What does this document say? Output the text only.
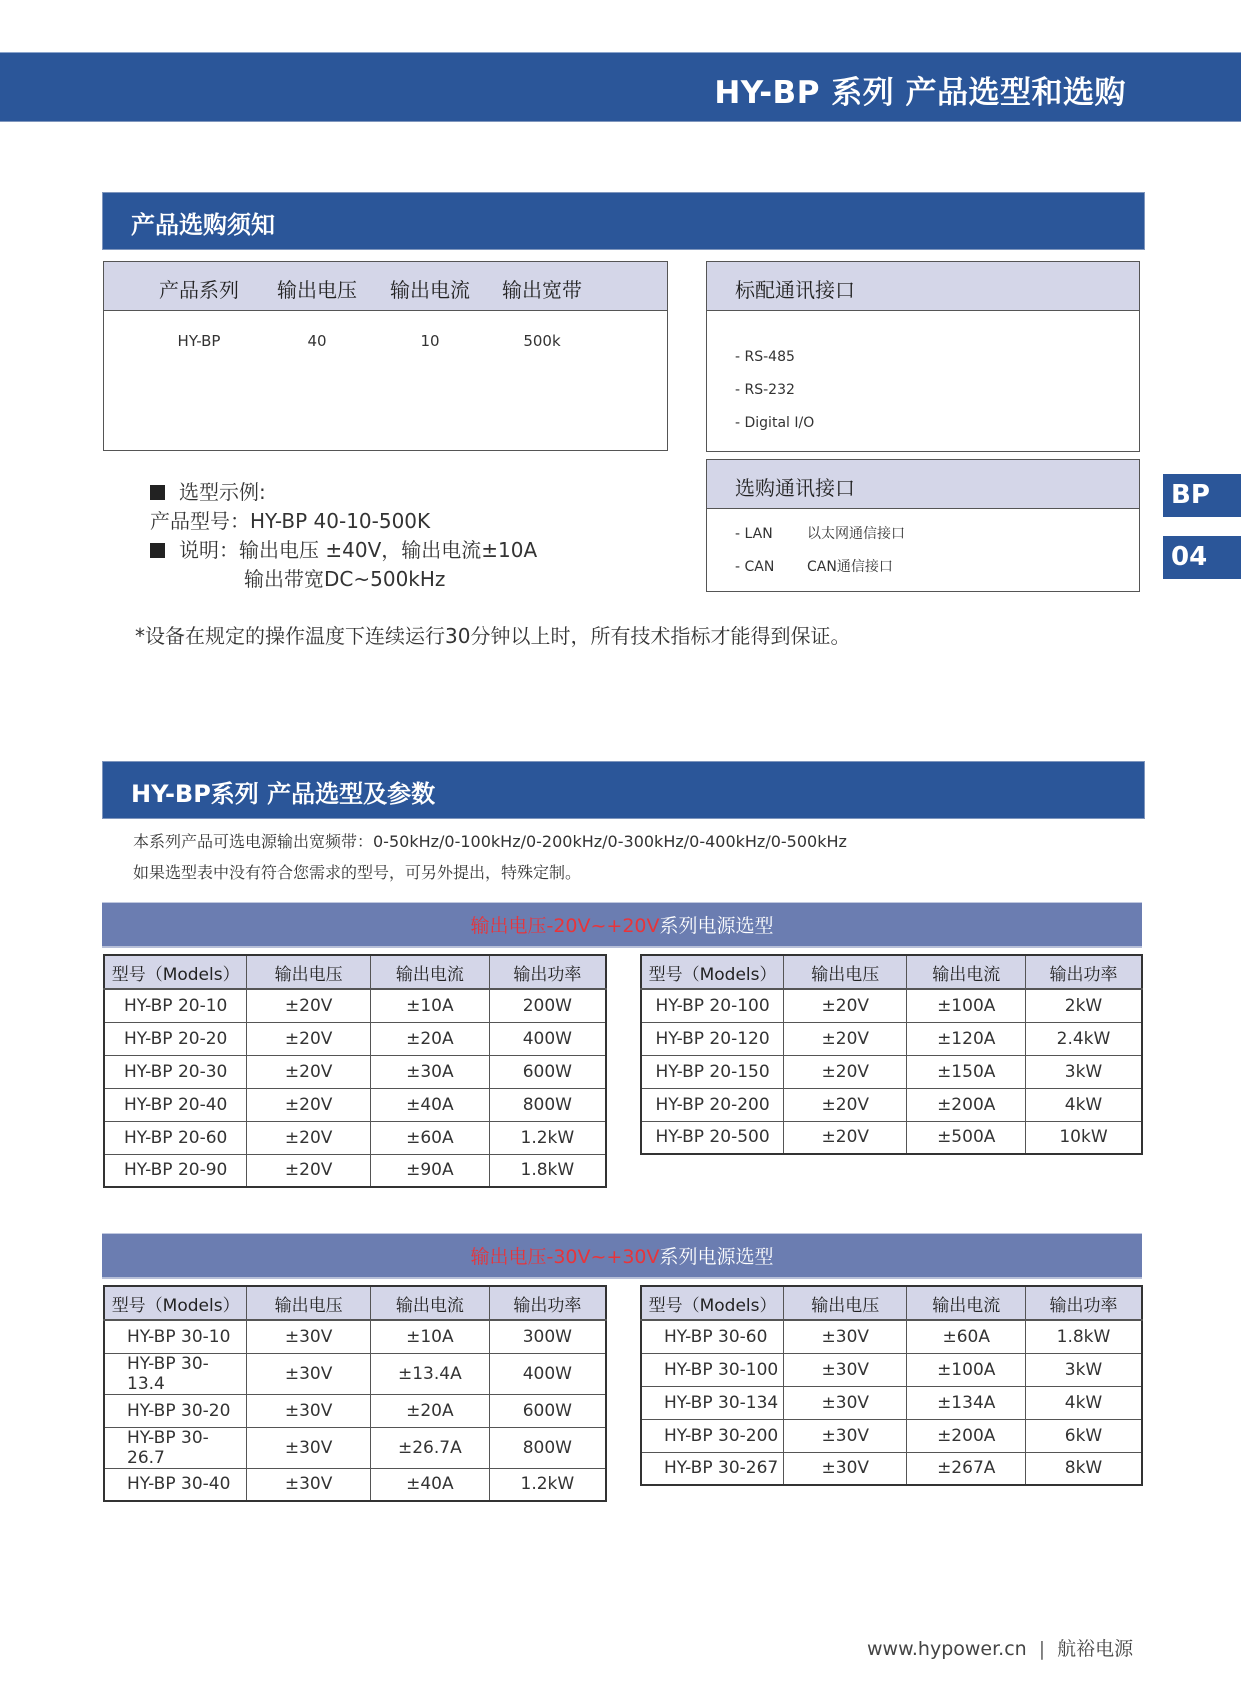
HY-BP 系列 产品选型和选购
产品选购须知
产品系列	输出电压	输出电流	输出宽带
HY-BP	40	10	500k
标配通讯接口
- RS-485
- RS-232
- Digital I/O
选购通讯接口
- LAN 以太网通信接口
- CAN CAN通信接口
BP
04
选型示例:
产品型号：HY-BP 40-10-500K
说明：输出电压 ±40V，输出电流±10A
输出带宽DC~500kHz
*设备在规定的操作温度下连续运行30分钟以上时，所有技术指标才能得到保证。
HY-BP系列 产品选型及参数
本系列产品可选电源输出宽频带：0-50kHz/0-100kHz/0-200kHz/0-300kHz/0-400kHz/0-500kHz
如果选型表中没有符合您需求的型号，可另外提出，特殊定制。
输出电压-20V~+20V系列电源选型
型号（Models）	输出电压	输出电流	输出功率
HY-BP 20-10	±20V	±10A	200W
HY-BP 20-20	±20V	±20A	400W
HY-BP 20-30	±20V	±30A	600W
HY-BP 20-40	±20V	±40A	800W
HY-BP 20-60	±20V	±60A	1.2kW
HY-BP 20-90	±20V	±90A	1.8kW
型号（Models）	输出电压	输出电流	输出功率
HY-BP 20-100	±20V	±100A	2kW
HY-BP 20-120	±20V	±120A	2.4kW
HY-BP 20-150	±20V	±150A	3kW
HY-BP 20-200	±20V	±200A	4kW
HY-BP 20-500	±20V	±500A	10kW
输出电压-30V~+30V系列电源选型
型号（Models）	输出电压	输出电流	输出功率
HY-BP 30-10	±30V	±10A	300W
HY-BP 30-13.4	±30V	±13.4A	400W
HY-BP 30-20	±30V	±20A	600W
HY-BP 30-26.7	±30V	±26.7A	800W
HY-BP 30-40	±30V	±40A	1.2kW
型号（Models）	输出电压	输出电流	输出功率
HY-BP 30-60	±30V	±60A	1.8kW
HY-BP 30-100	±30V	±100A	3kW
HY-BP 30-134	±30V	±134A	4kW
HY-BP 30-200	±30V	±200A	6kW
HY-BP 30-267	±30V	±267A	8kW
www.hypower.cn | 航裕电源
